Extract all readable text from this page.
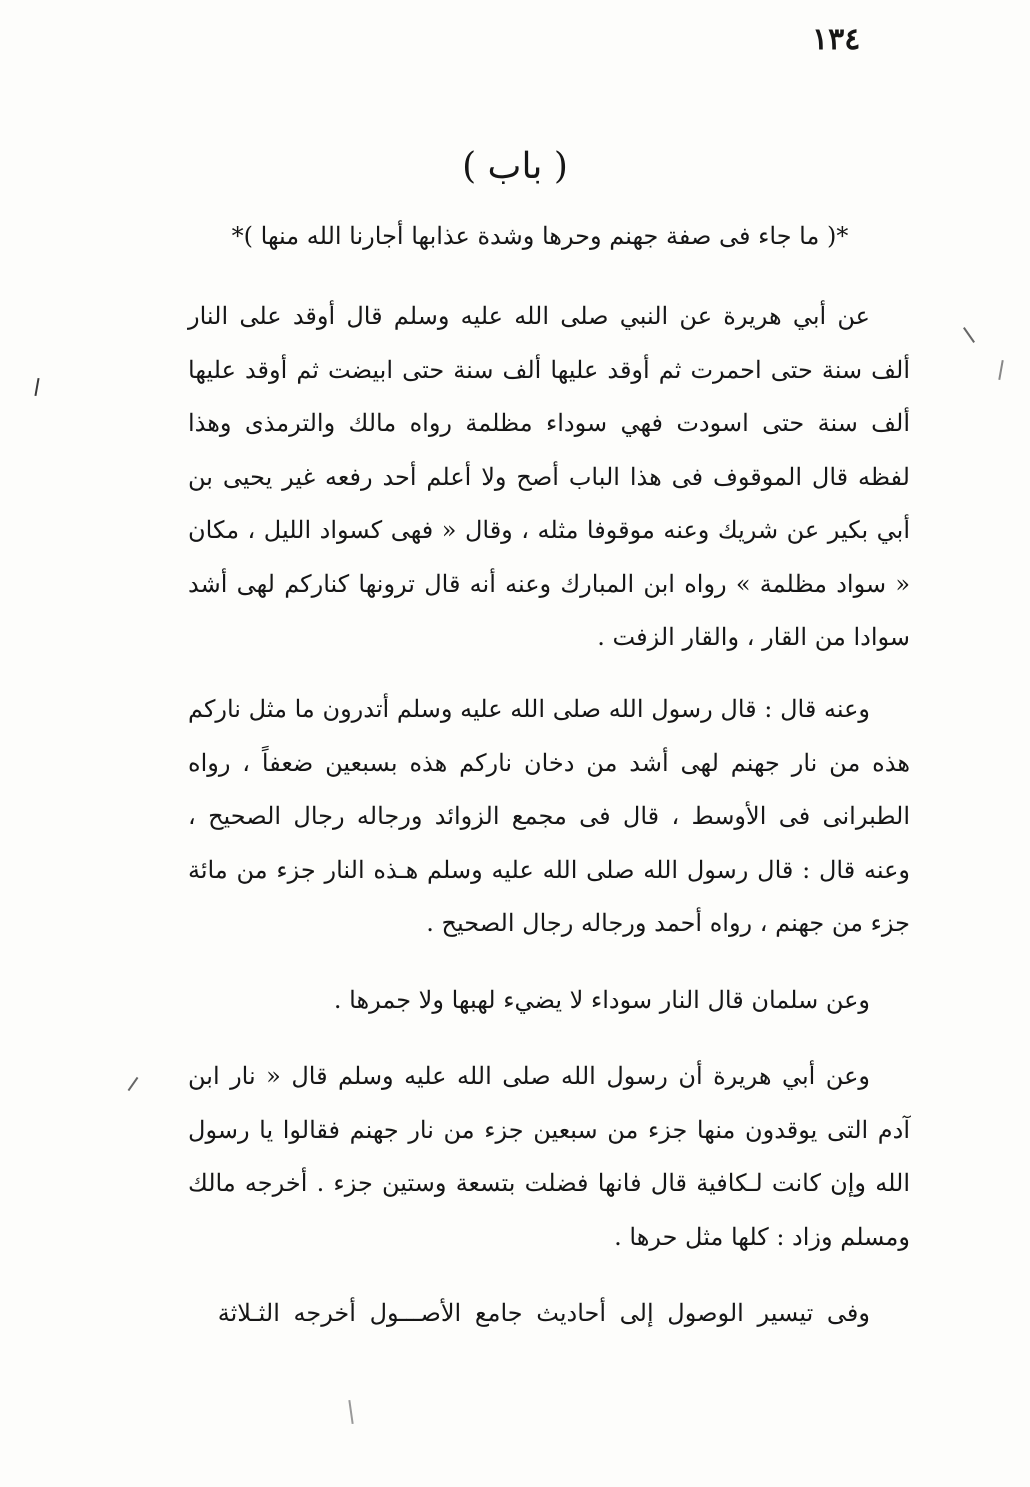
١٣٤
( باب )
*( ما جاء فى صفة جهنم وحرها وشدة عذابها أجارنا الله منها )*
عن أبي هريرة عن النبي صلى الله عليه وسلم قال أوقد على النار ألف سنة حتى احمرت ثم أوقد عليها ألف سنة حتى ابيضت ثم أوقد عليها ألف سنة حتى اسودت فهي سوداء مظلمة رواه مالك والترمذى وهذا لفظه قال الموقوف فى هذا الباب أصح ولا أعلم أحد رفعه غير يحيى بن أبي بكير عن شريك وعنه موقوفا مثله ، وقال « فهى كسواد الليل ، مكان « سواد مظلمة » رواه ابن المبارك وعنه أنه قال ترونها كناركم لهى أشد سوادا من القار ، والقار الزفت .
وعنه قال : قال رسول الله صلى الله عليه وسلم أتدرون ما مثل ناركم هذه من نار جهنم لهى أشد من دخان ناركم هذه بسبعين ضعفاً ، رواه الطبرانى فى الأوسط ، قال فى مجمع الزوائد ورجاله رجال الصحيح ، وعنه قال : قال رسول الله صلى الله عليه وسلم هـذه النار جزء من مائة جزء من جهنم ، رواه أحمد ورجاله رجال الصحيح .
وعن سلمان قال النار سوداء لا يضيء لهبها ولا جمرها .
وعن أبي هريرة أن رسول الله صلى الله عليه وسلم قال « نار ابن آدم التى يوقدون منها جزء من سبعين جزء من نار جهنم فقالوا يا رسول الله وإن كانت لـكافية قال فانها فضلت بتسعة وستين جزء . أخرجه مالك ومسلم وزاد : كلها مثل حرها .
وفى تيسير الوصول إلى أحاديث جامع الأصـــول أخرجه الثـلاثة
